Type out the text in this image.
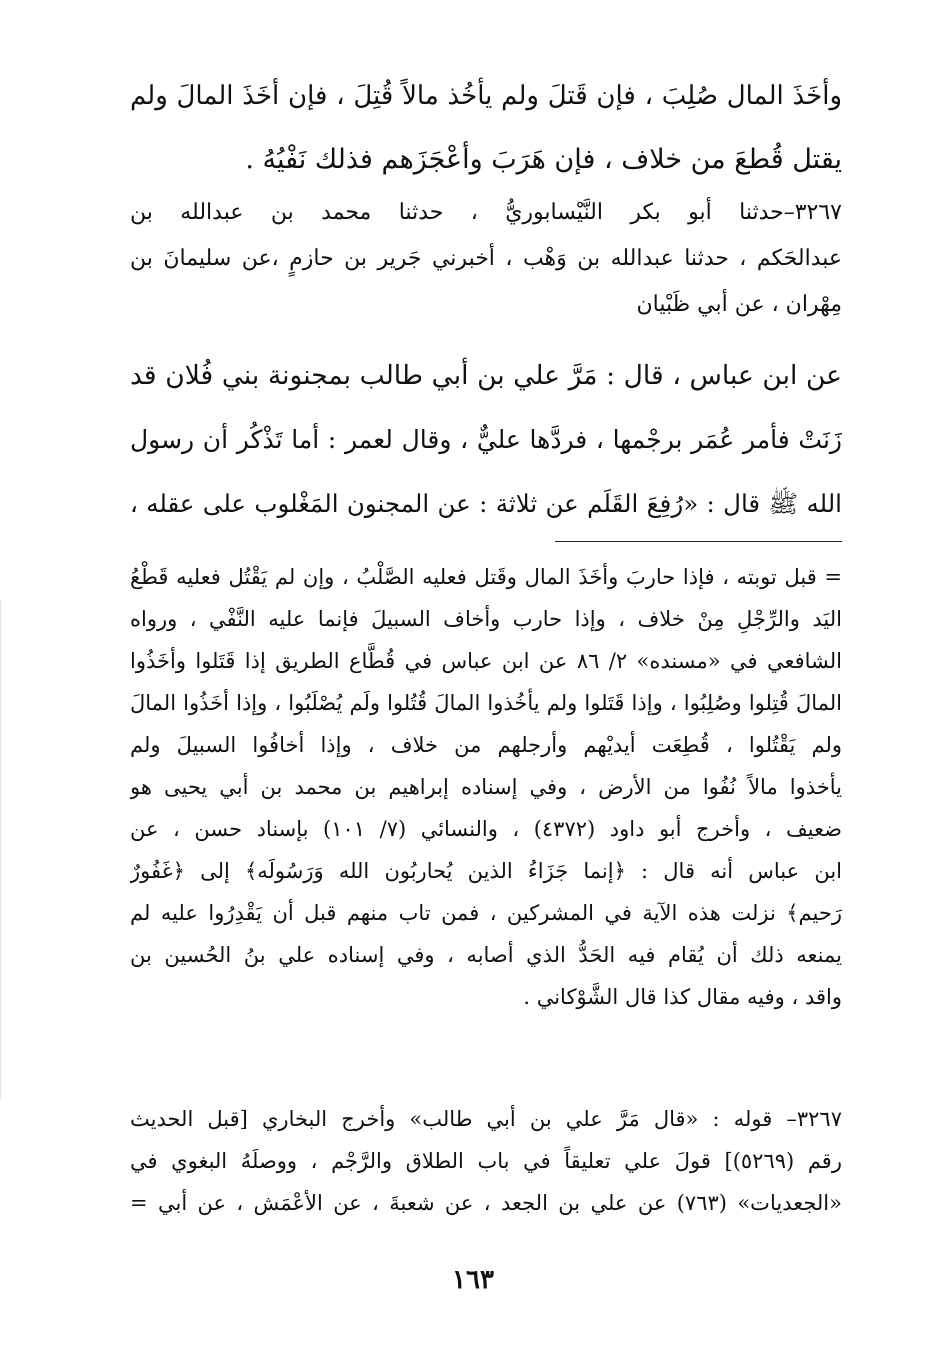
وأخَذَ المال صُلِبَ ، فإن قَتلَ ولم يأخُذ مالاً قُتِلَ ، فإن أخَذَ المالَ ولم
يقتل قُطعَ من خلاف ، فإن هَرَبَ وأعْجَزَهم فذلك نَفْيُهُ .
٣٢٦٧–حدثنا أبو بكر النَّيْسابوريُّ ، حدثنا محمد بن عبدالله بن
عبدالحَكم ، حدثنا عبدالله بن وَهْب ، أخبرني جَرير بن حازمٍ ،عن سليمانَ بن
مِهْران ، عن أبي ظَبْيان
عن ابن عباس ، قال : مَرَّ علي بن أبي طالب بمجنونة بني فُلان قد
زَنَتْ فأمر عُمَر برجْمها ، فردَّها عليٌّ ، وقال لعمر : أما تَذْكُر أن رسول
الله ﷺ قال : «رُفِعَ القَلَم عن ثلاثة : عن المجنون المَغْلوب على عقله ،
= قبل توبته ، فإذا حاربَ وأخَذَ المال وقَتل فعليه الصَّلْبُ ، وإن لم يَقْتُل فعليه قَطْعُ
اليَد والرِّجْلِ مِنْ خلاف ، وإذا حارب وأخاف السبيلَ فإنما عليه النَّفْي ، ورواه
الشافعي في «مسنده» ٢/ ٨٦ عن ابن عباس في قُطَّاع الطريق إذا قَتَلوا وأخَذُوا
المالَ قُتِلوا وصُلِبُوا ، وإذا قَتَلوا ولم يأخُذوا المالَ قُتُلوا ولَم يُصْلَبُوا ، وإذا أخَذُوا المالَ
ولم يَقْتُلوا ، قُطِعَت أيديْهم وأرجلهم من خلاف ، وإذا أخافُوا السبيلَ ولم
يأخذوا مالاً نُفُوا من الأرض ، وفي إسناده إبراهيم بن محمد بن أبي يحيى هو
ضعيف ، وأخرج أبو داود (٤٣٧٢) ، والنسائي (٧/ ١٠١) بإسناد حسن ، عن
ابن عباس أنه قال : ﴿إنما جَزَاءُ الذين يُحاربُون الله وَرَسُولَه﴾ إلى ﴿غَفُورٌ
رَحيم﴾ نزلت هذه الآية في المشركين ، فمن تاب منهم قبل أن يَقْدِرُوا عليه لم
يمنعه ذلك أن يُقام فيه الحَدُّ الذي أصابه ، وفي إسناده علي بنُ الحُسين بن
واقد ، وفيه مقال كذا قال الشَّوْكاني .
٣٢٦٧– قوله : «قال مَرَّ علي بن أبي طالب» وأخرج البخاري [قبل الحديث
رقم (٥٢٦٩)] قولَ علي تعليقاً في باب الطلاق والرَّجْم ، ووصلَهُ البغوي في
«الجعديات» (٧٦٣) عن علي بن الجعد ، عن شعبةَ ، عن الأعْمَش ، عن أبي =
١٦٣
